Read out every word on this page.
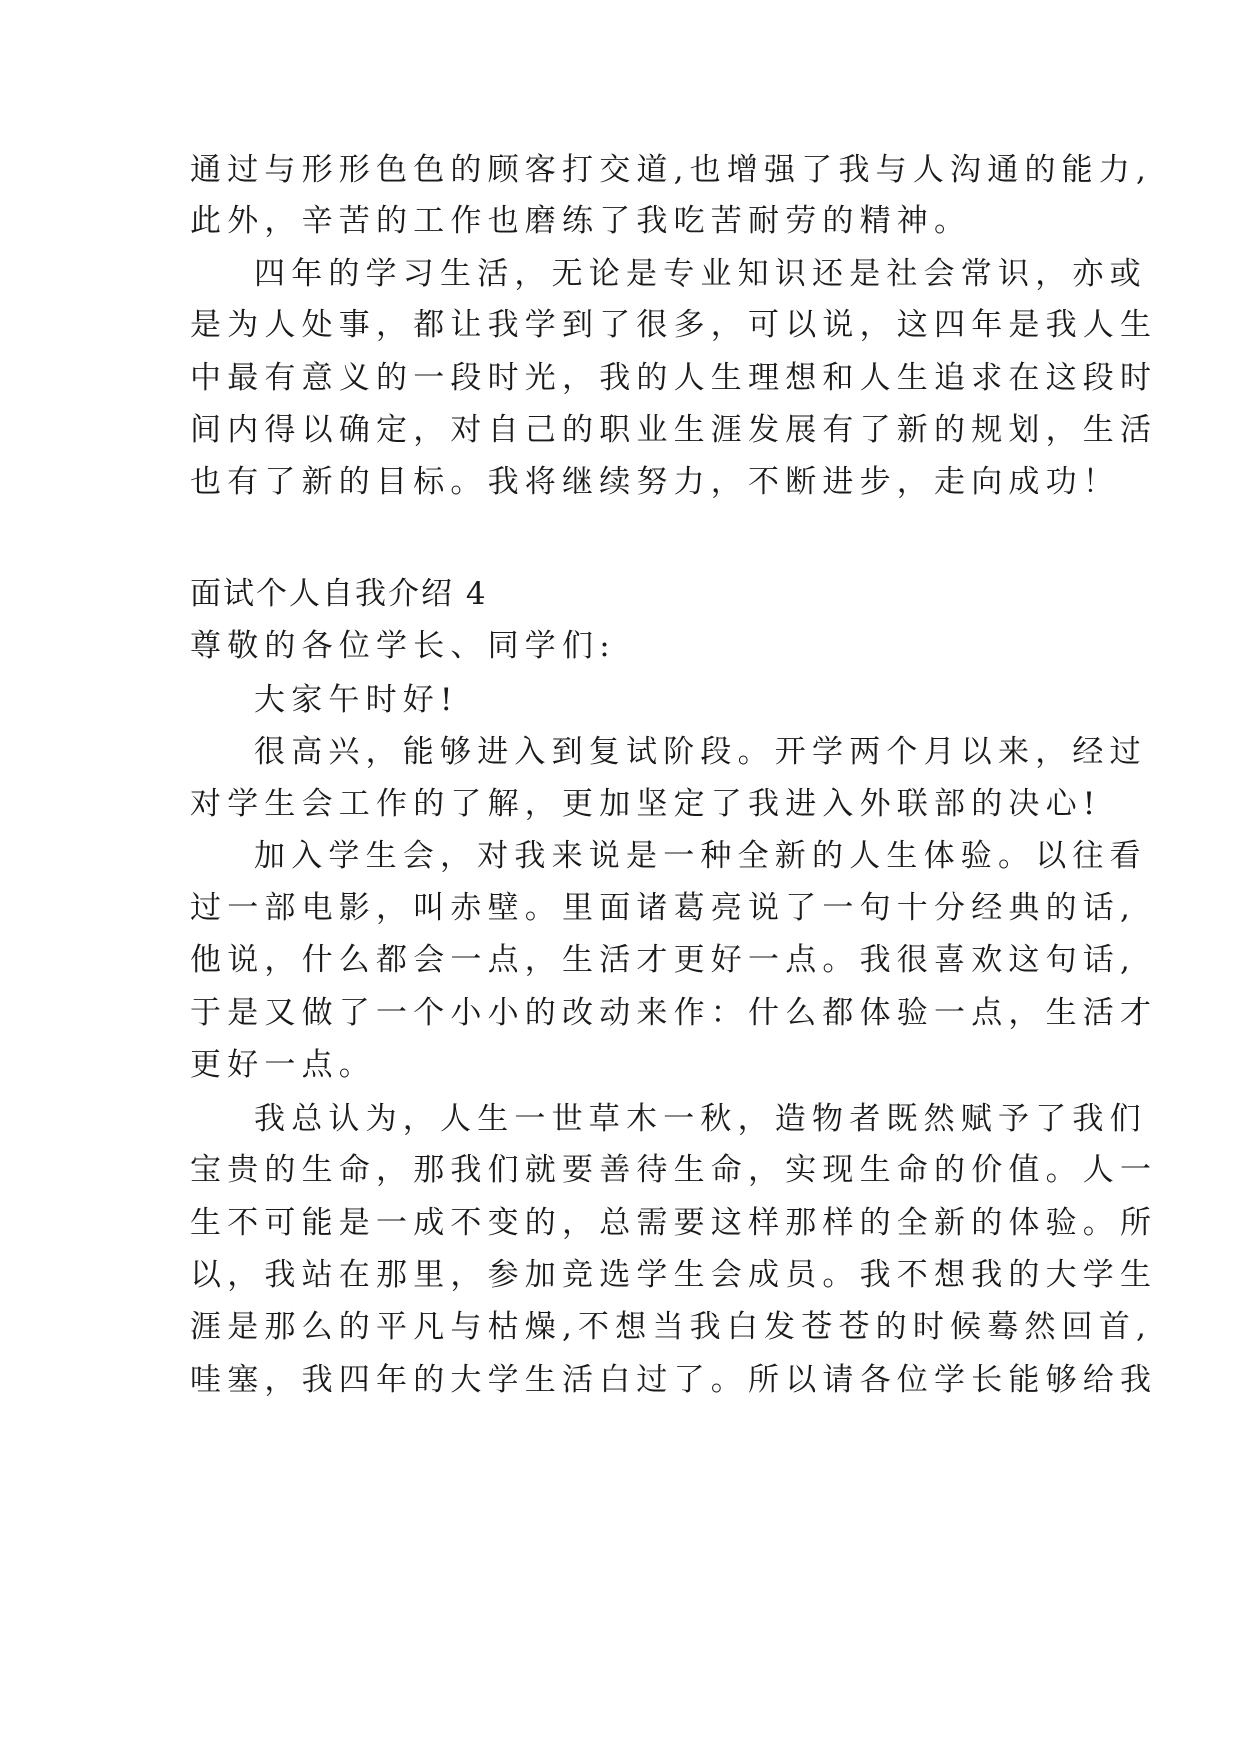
通过与形形色色的顾客打交道,也增强了我与人沟通的能力,
此外，辛苦的工作也磨练了我吃苦耐劳的精神。
四年的学习生活，无论是专业知识还是社会常识，亦或
是为人处事，都让我学到了很多，可以说，这四年是我人生
中最有意义的一段时光，我的人生理想和人生追求在这段时
间内得以确定，对自己的职业生涯发展有了新的规划，生活
也有了新的目标。我将继续努力，不断进步，走向成功！
面试个人自我介绍 4
尊敬的各位学长、同学们:
大家午时好!
很高兴，能够进入到复试阶段。开学两个月以来，经过
对学生会工作的了解，更加坚定了我进入外联部的决心!
加入学生会，对我来说是一种全新的人生体验。以往看
过一部电影，叫赤壁。里面诸葛亮说了一句十分经典的话,
他说，什么都会一点，生活才更好一点。我很喜欢这句话,
于是又做了一个小小的改动来作：什么都体验一点，生活才
更好一点。
我总认为，人生一世草木一秋，造物者既然赋予了我们
宝贵的生命，那我们就要善待生命，实现生命的价值。人一
生不可能是一成不变的，总需要这样那样的全新的体验。所
以，我站在那里，参加竞选学生会成员。我不想我的大学生
涯是那么的平凡与枯燥,不想当我白发苍苍的时候蓦然回首,
哇塞，我四年的大学生活白过了。所以请各位学长能够给我
